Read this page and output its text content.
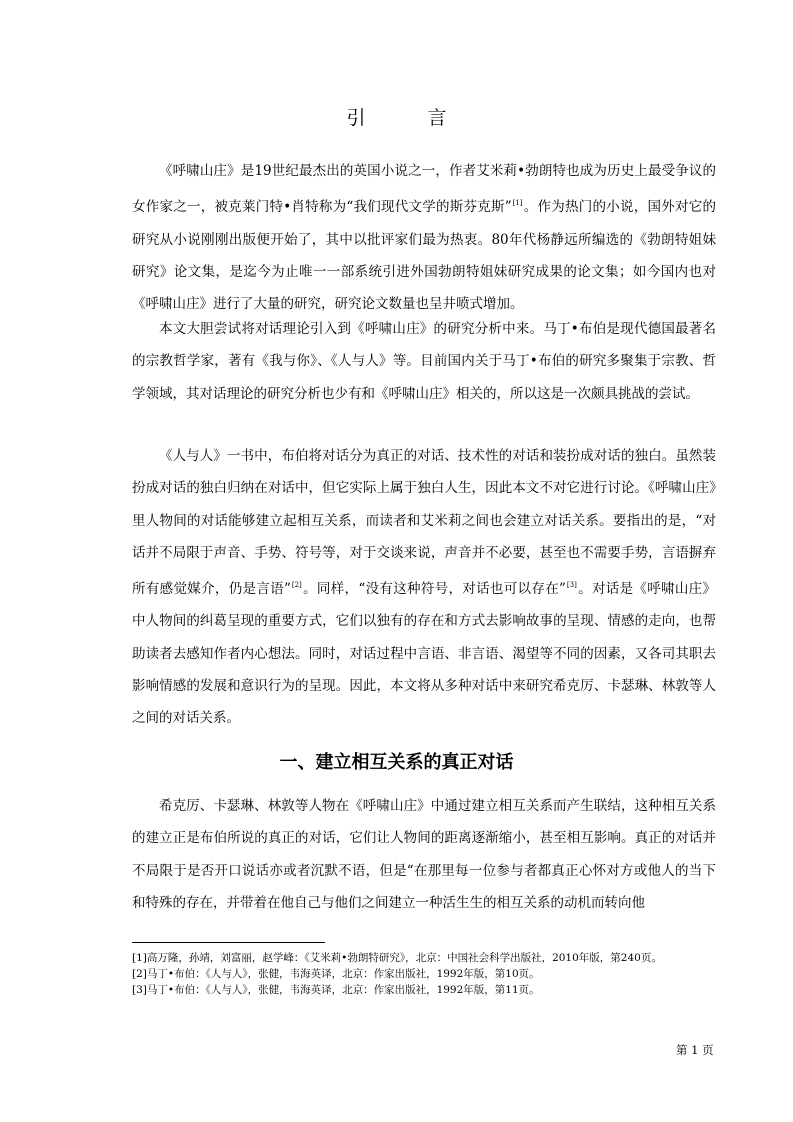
引 言

《呼啸山庄》是19世纪最杰出的英国小说之一，作者艾米莉•勃朗特也成为历史上最受争议的女作家之一，被克莱门特•肖特称为“我们现代文学的斯芬克斯”[1]。作为热门的小说，国外对它的研究从小说刚刚出版便开始了，其中以批评家们最为热衷。80年代杨静远所编选的《勃朗特姐妹研究》论文集，是迄今为止唯一一部系统引进外国勃朗特姐妹研究成果的论文集；如今国内也对《呼啸山庄》进行了大量的研究，研究论文数量也呈井喷式增加。

本文大胆尝试将对话理论引入到《呼啸山庄》的研究分析中来。马丁•布伯是现代德国最著名的宗教哲学家，著有《我与你》、《人与人》等。目前国内关于马丁•布伯的研究多聚集于宗教、哲学领域，其对话理论的研究分析也少有和《呼啸山庄》相关的，所以这是一次颇具挑战的尝试。

《人与人》一书中，布伯将对话分为真正的对话、技术性的对话和装扮成对话的独白。虽然装扮成对话的独白归纳在对话中，但它实际上属于独白人生，因此本文不对它进行讨论。《呼啸山庄》里人物间的对话能够建立起相互关系，而读者和艾米莉之间也会建立对话关系。要指出的是，“对话并不局限于声音、手势、符号等，对于交谈来说，声音并不必要，甚至也不需要手势，言语摒弃所有感觉媒介，仍是言语”[2]。同样，“没有这种符号，对话也可以存在”[3]。对话是《呼啸山庄》中人物间的纠葛呈现的重要方式，它们以独有的存在和方式去影响故事的呈现、情感的走向，也帮助读者去感知作者内心想法。同时，对话过程中言语、非言语、渴望等不同的因素，又各司其职去影响情感的发展和意识行为的呈现。因此，本文将从多种对话中来研究希克厉、卡瑟琳、林敦等人之间的对话关系。

一、建立相互关系的真正对话

希克厉、卡瑟琳、林敦等人物在《呼啸山庄》中通过建立相互关系而产生联结，这种相互关系的建立正是布伯所说的真正的对话，它们让人物间的距离逐渐缩小，甚至相互影响。真正的对话并不局限于是否开口说话亦或者沉默不语，但是“在那里每一位参与者都真正心怀对方或他人的当下和特殊的存在，并带着在他自己与他们之间建立一种活生生的相互关系的动机而转向他

[1]高万隆，孙靖，刘富丽，赵学峰：《艾米莉•勃朗特研究》，北京：中国社会科学出版社，2010年版，第240页。
[2]马丁•布伯：《人与人》，张健，韦海英译，北京：作家出版社，1992年版，第10页。
[3]马丁•布伯：《人与人》，张健，韦海英译，北京：作家出版社，1992年版，第11页。
第 1 页
